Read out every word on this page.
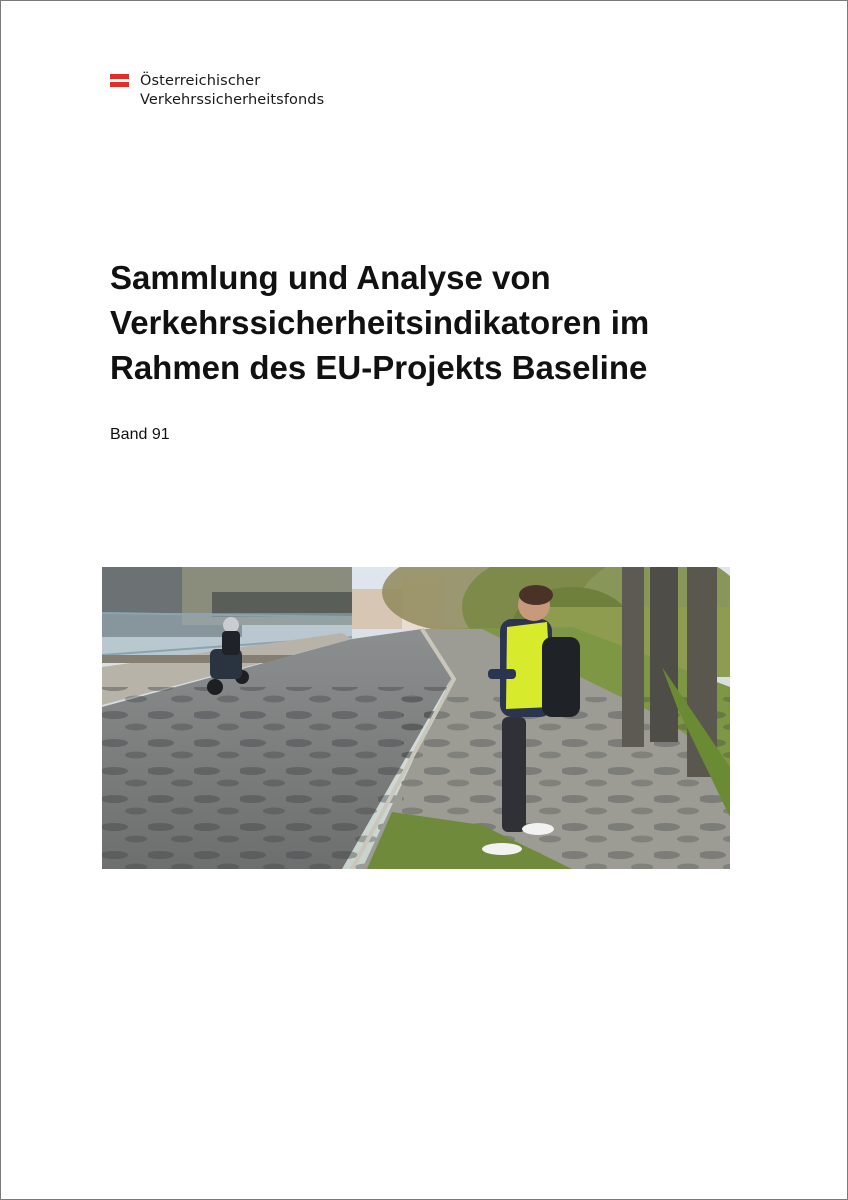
Österreichischer
Verkehrssicherheitsfonds
Sammlung und Analyse von
Verkehrssicherheitsindikatoren im
Rahmen des EU-Projekts Baseline
Band 91
